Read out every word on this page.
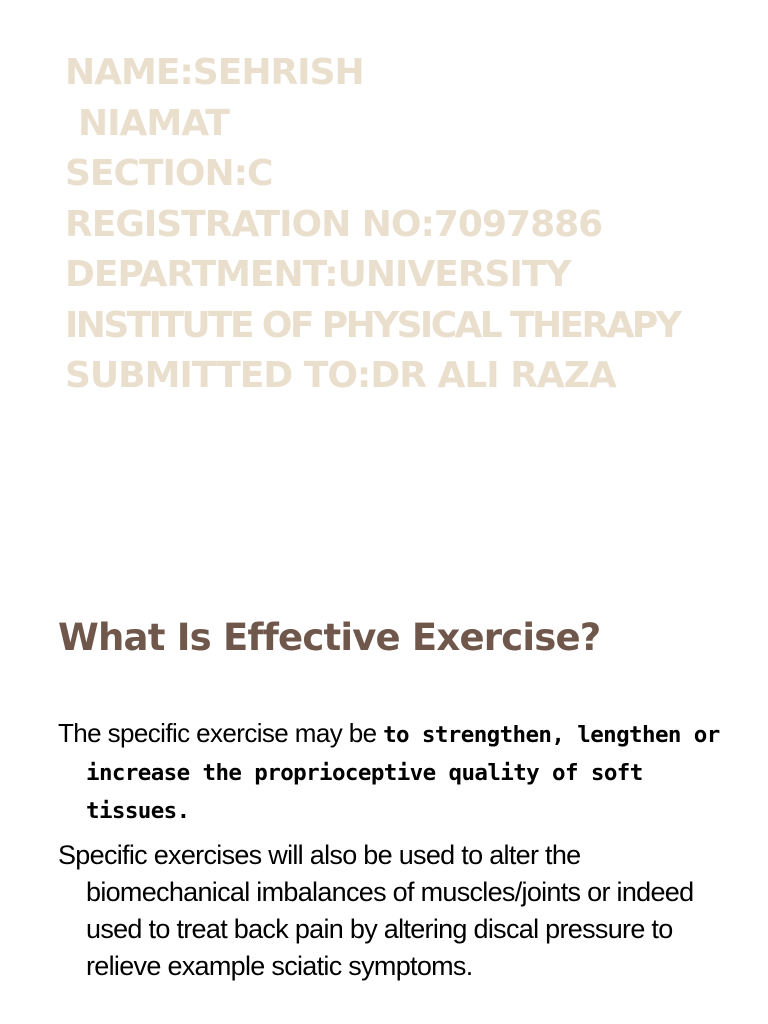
NAME:SEHRISH
NIAMAT
SECTION:C
REGISTRATION NO:7097886
DEPARTMENT:UNIVERSITY
INSTITUTE OF PHYSICAL THERAPY
SUBMITTED TO:DR ALI RAZA
What Is Effective Exercise?

The specific exercise may be to strengthen, lengthen or increase the proprioceptive quality of soft tissues.

Specific exercises will also be used to alter the biomechanical imbalances of muscles/joints or indeed used to treat back pain by altering discal pressure to relieve example sciatic symptoms.
